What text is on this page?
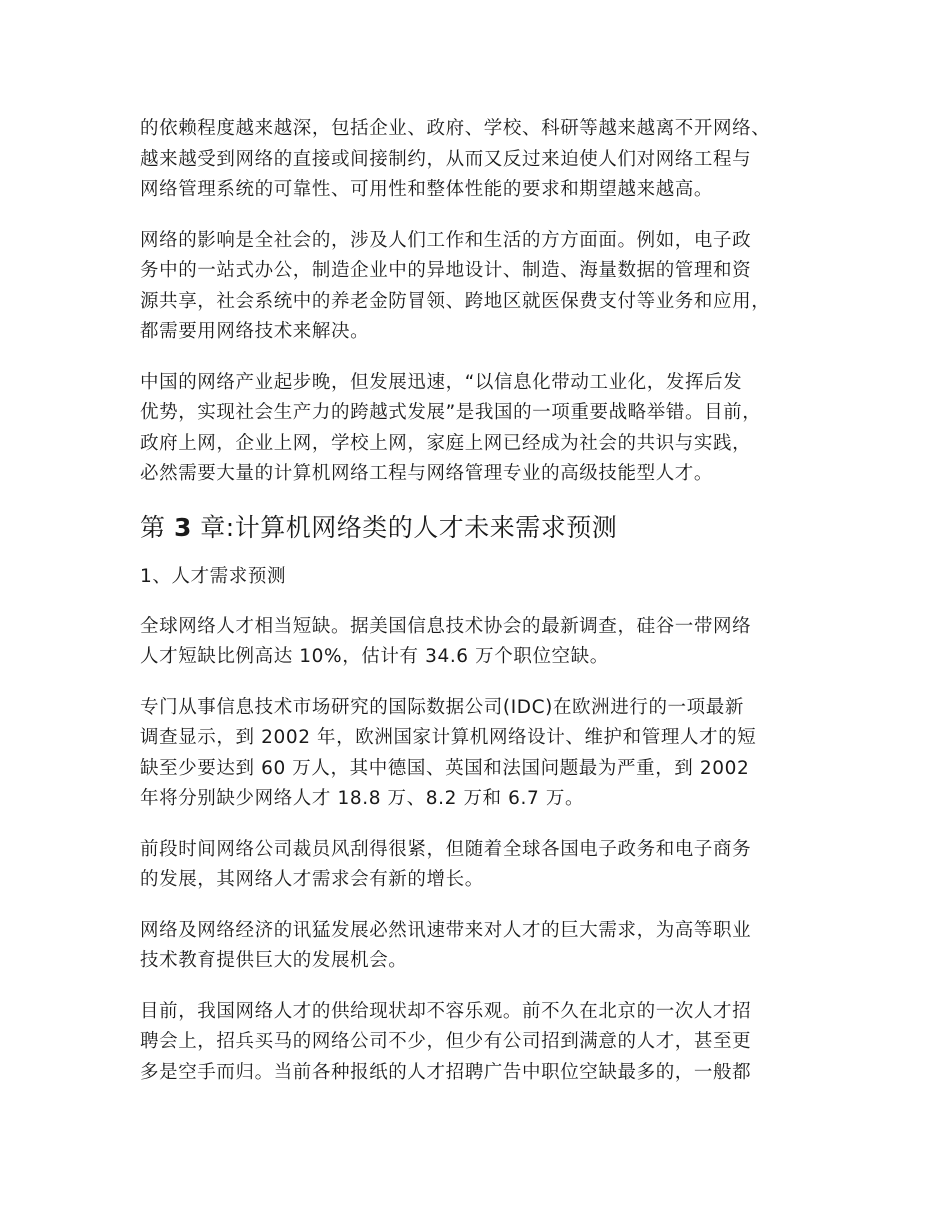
的依赖程度越来越深，包括企业、政府、学校、科研等越来越离不开网络、
越来越受到网络的直接或间接制约，从而又反过来迫使人们对网络工程与
网络管理系统的可靠性、可用性和整体性能的要求和期望越来越高。
网络的影响是全社会的，涉及人们工作和生活的方方面面。例如，电子政
务中的一站式办公，制造企业中的异地设计、制造、海量数据的管理和资
源共享，社会系统中的养老金防冒领、跨地区就医保费支付等业务和应用，
都需要用网络技术来解决。
中国的网络产业起步晚，但发展迅速，“以信息化带动工业化，发挥后发
优势，实现社会生产力的跨越式发展”是我国的一项重要战略举错。目前，
政府上网，企业上网，学校上网，家庭上网已经成为社会的共识与实践，
必然需要大量的计算机网络工程与网络管理专业的高级技能型人才。
第 3 章:计算机网络类的人才未来需求预测
1、人才需求预测
全球网络人才相当短缺。据美国信息技术协会的最新调查，硅谷一带网络
人才短缺比例高达 10%，估计有 34.6 万个职位空缺。
专门从事信息技术市场研究的国际数据公司(IDC)在欧洲进行的一项最新
调查显示，到 2002 年，欧洲国家计算机网络设计、维护和管理人才的短
缺至少要达到 60 万人，其中德国、英国和法国问题最为严重，到 2002
年将分别缺少网络人才 18.8 万、8.2 万和 6.7 万。
前段时间网络公司裁员风刮得很紧，但随着全球各国电子政务和电子商务
的发展，其网络人才需求会有新的增长。
网络及网络经济的讯猛发展必然讯速带来对人才的巨大需求，为高等职业
技术教育提供巨大的发展机会。
目前，我国网络人才的供给现状却不容乐观。前不久在北京的一次人才招
聘会上，招兵买马的网络公司不少，但少有公司招到满意的人才，甚至更
多是空手而归。当前各种报纸的人才招聘广告中职位空缺最多的，一般都
